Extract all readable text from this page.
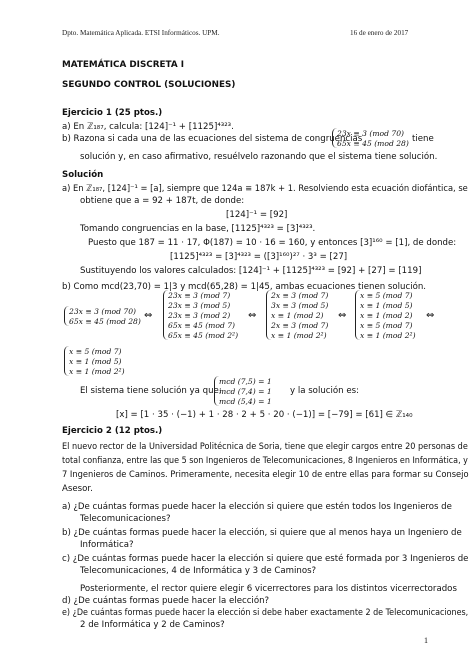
Dpto. Matemática Aplicada. ETSI Informáticos. UPM.	16 de enero de 2017
MATEMÁTICA DISCRETA I
SEGUNDO CONTROL (SOLUCIONES)
Ejercicio 1 (25 ptos.)
a) En ℤ₁₈₇, calcula: [124]⁻¹ + [1125]⁴³²³.
b) Razona si cada una de las ecuaciones del sistema de congruencias
23x ≡ 3 (mod 70)
65x ≡ 45 (mod 28) tiene
solución y, en caso afirmativo, resuélvelo razonando que el sistema tiene solución.
Solución
a) En ℤ₁₈₇, [124]⁻¹ = [a], siempre que 124a ≡ 187k + 1. Resolviendo esta ecuación diofántica, se
obtiene que a = 92 + 187t, de donde:
[124]⁻¹ = [92]
Tomando congruencias en la base, [1125]⁴³²³ = [3]⁴³²³.
Puesto que 187 = 11 · 17, Φ(187) = 10 · 16 = 160, y entonces [3]¹⁶⁰ = [1], de donde:
[1125]⁴³²³ = [3]⁴³²³ = ([3]¹⁶⁰)²⁷ · 3³ = [27]
Sustituyendo los valores calculados: [124]⁻¹ + [1125]⁴³²³ = [92] + [27] = [119]
b) Como mcd(23,70) = 1|3 y mcd(65,28) = 1|45, ambas ecuaciones tienen solución.
23x ≡ 3 (mod 70)
65x ≡ 45 (mod 28)
⇔
23x ≡ 3 (mod 7)
23x ≡ 3 (mod 5)
23x ≡ 3 (mod 2)
65x ≡ 45 (mod 7)
65x ≡ 45 (mod 2²)
⇔
2x ≡ 3 (mod 7)
3x ≡ 3 (mod 5)
x ≡ 1 (mod 2)
2x ≡ 3 (mod 7)
x ≡ 1 (mod 2²)
⇔
x ≡ 5 (mod 7)
x ≡ 1 (mod 5)
x ≡ 1 (mod 2)
x ≡ 5 (mod 7)
x ≡ 1 (mod 2²)
⇔
x ≡ 5 (mod 7)
x ≡ 1 (mod 5)
x ≡ 1 (mod 2²)
El sistema tiene solución ya que:
mcd (7,5) = 1
mcd (7,4) = 1
mcd (5,4) = 1
y la solución es:
[x] = [1 · 35 · (−1) + 1 · 28 · 2 + 5 · 20 · (−1)] = [−79] = [61] ∈ ℤ₁₄₀
Ejercicio 2 (12 ptos.)
El nuevo rector de la Universidad Politécnica de Soria, tiene que elegir cargos entre 20 personas de
total confianza, entre las que 5 son Ingenieros de Telecomunicaciones, 8 Ingenieros en Informática, y
7 Ingenieros de Caminos. Primeramente, necesita elegir 10 de entre ellas para formar su Consejo
Asesor.
a) ¿De cuántas formas puede hacer la elección si quiere que estén todos los Ingenieros de
Telecomunicaciones?
b) ¿De cuántas formas puede hacer la elección, si quiere que al menos haya un Ingeniero de
Informática?
c) ¿De cuántas formas puede hacer la elección si quiere que esté formada por 3 Ingenieros de
Telecomunicaciones, 4 de Informática y 3 de Caminos?
Posteriormente, el rector quiere elegir 6 vicerrectores para los distintos vicerrectorados
d) ¿De cuántas formas puede hacer la elección?
e) ¿De cuántas formas puede hacer la elección si debe haber exactamente 2 de Telecomunicaciones,
2 de Informática y 2 de Caminos?
1
